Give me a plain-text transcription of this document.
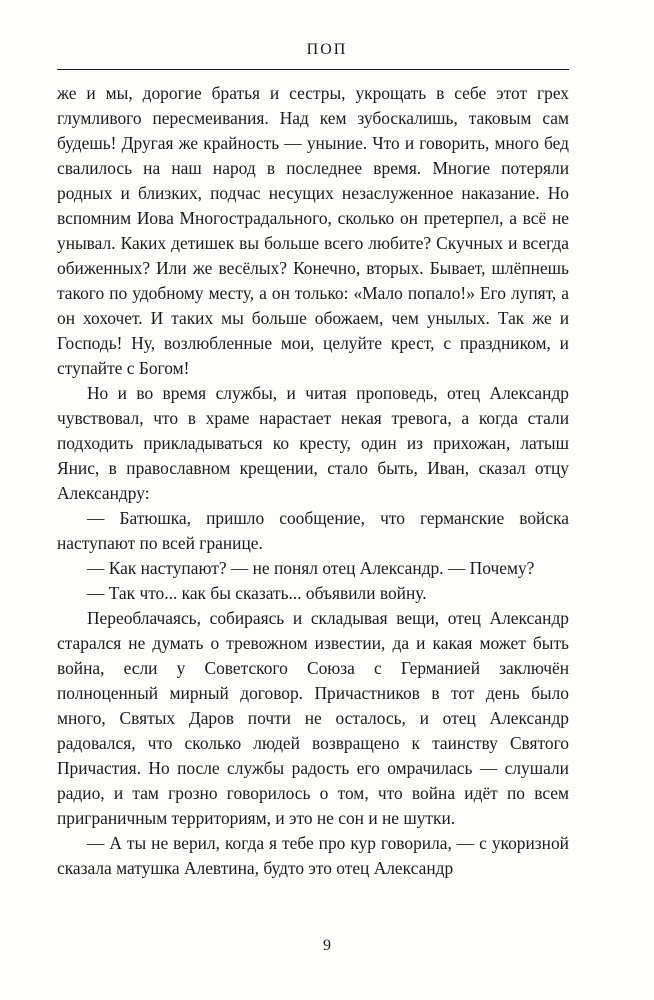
ПОП

же и мы, дорогие братья и сестры, укрощать в себе этот грех глумливого пересмеивания. Над кем зубоскалишь, таковым сам будешь! Другая же крайность — уныние. Что и говорить, много бед свалилось на наш народ в последнее время. Многие потеряли родных и близких, подчас несущих незаслуженное наказание. Но вспомним Иова Многострадального, сколько он претерпел, а всё не унывал. Каких детишек вы больше всего любите? Скучных и всегда обиженных? Или же весёлых? Конечно, вторых. Бывает, шлёпнешь такого по удобному месту, а он только: «Мало попало!» Его лупят, а он хохочет. И таких мы больше обожаем, чем унылых. Так же и Господь! Ну, возлюбленные мои, целуйте крест, с праздником, и ступайте с Богом!

Но и во время службы, и читая проповедь, отец Александр чувствовал, что в храме нарастает некая тревога, а когда стали подходить прикладываться ко кресту, один из прихожан, латыш Янис, в православном крещении, стало быть, Иван, сказал отцу Александру:

— Батюшка, пришло сообщение, что германские войска наступают по всей границе.

— Как наступают? — не понял отец Александр. — Почему?

— Так что... как бы сказать... объявили войну.

Переоблачаясь, собираясь и складывая вещи, отец Александр старался не думать о тревожном известии, да и какая может быть война, если у Советского Союза с Германией заключён полноценный мирный договор. Причастников в тот день было много, Святых Даров почти не осталось, и отец Александр радовался, что сколько людей возвращено к таинству Святого Причастия. Но после службы радость его омрачилась — слушали радио, и там грозно говорилось о том, что война идёт по всем приграничным территориям, и это не сон и не шутки.

— А ты не верил, когда я тебе про кур говорила, — с укоризной сказала матушка Алевтина, будто это отец Александр

9
